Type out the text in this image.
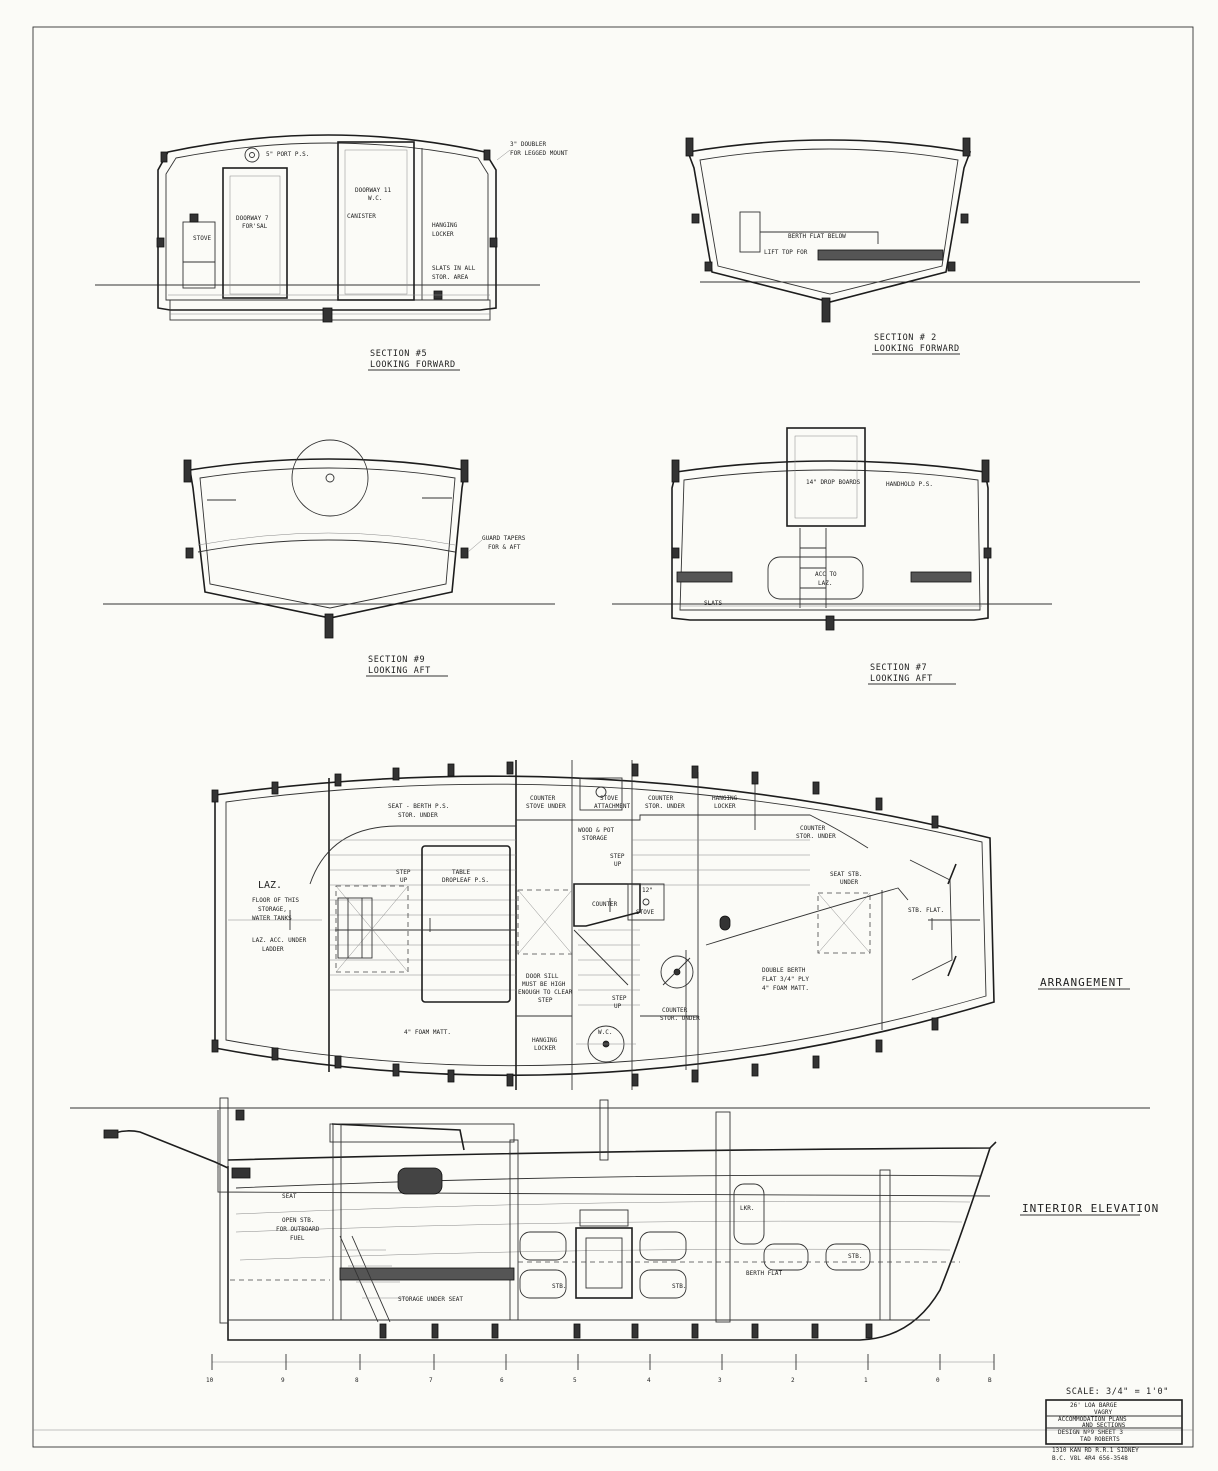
5" PORT P.S.
3" DOUBLER
FOR LEGGED MOUNT
STOVE
DOORWAY 7
FOR'SAL
DOORWAY 11
W.C.
CANISTER
HANGING
LOCKER
SLATS IN ALL
STOR. AREA
SECTION #5
LOOKING FORWARD
BERTH FLAT BELOW
LIFT TOP FOR
SECTION # 2
LOOKING FORWARD
GUARD TAPERS
FOR & AFT
SECTION #9
LOOKING AFT
14" DROP BOARDS	HANDHOLD P.S.
ACC TO
LAZ.
SLATS
SECTION #7
LOOKING AFT
LAZ.
FLOOR OF THIS
STORAGE,
WATER TANKS
LAZ. ACC. UNDER
LADDER
SEAT - BERTH P.S.
STOR. UNDER
COUNTER
STOVE UNDER
STOVE
ATTACHMENT
COUNTER
STOR. UNDER
HANGING
LOCKER
COUNTER
STOR. UNDER
STEP
UP
TABLE
DROPLEAF P.S.
WOOD & POT
STORAGE
STEP
UP
COUNTER
12"
STOVE
SEAT STB.
UNDER
STB. FLAT.
DOUBLE BERTH
FLAT 3/4" PLY
4" FOAM MATT.
DOOR SILL
MUST BE HIGH
ENOUGH TO CLEAR
STEP	STEP
UP
4" FOAM MATT.
HANGING
LOCKER
W.C.
COUNTER
STOR. UNDER
ARRANGEMENT
SEAT
OPEN STB.
FOR OUTBOARD
FUEL
STORAGE UNDER SEAT
BERTH FLAT
STB.	STB.
LKR.
STB.
INTERIOR ELEVATION
10	9	8	7	6	5	4	3	2	1	0	B
SCALE: 3/4" = 1'0"
26' LOA BARGE
VAGRY
ACCOMMODATION PLANS
AND SECTIONS
DESIGN Nº9 SHEET 3
TAD ROBERTS
1310 KAN RD R.R.1 SIDNEY
B.C. V8L 4R4 656-3548
